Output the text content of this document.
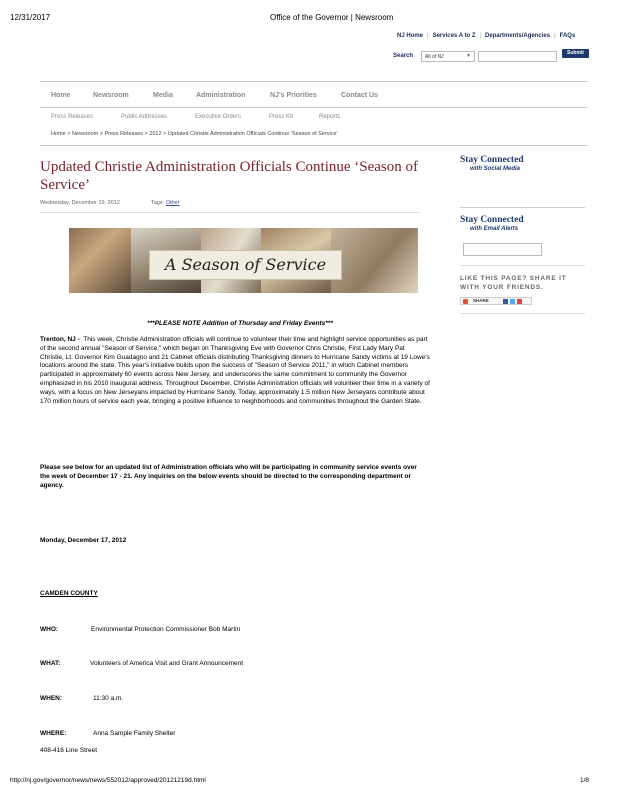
12/31/2017	Office of the Governor | Newsroom
NJ Home | Services A to Z | Departments/Agencies | FAQs
Search	All of NJ	▼	Submit
Home	Newsroom	Media	Administration	NJ's Priorities	Contact Us
Press Releases	Public Addresses	Executive Orders	Press Kit	Reports
Home > Newsroom > Press Releases > 2012 > Updated Christie Administration Officials Continue 'Season of Service'
Updated Christie Administration Officials Continue ‘Season of Service’
Wednesday, December 19, 2012	Tags: Other
A Season of Service
***PLEASE NOTE Addition of Thursday and Friday Events***
Trenton, NJ - This week, Christie Administration officials will continue to volunteer their time and highlight service opportunities as part of the second annual "Season of Service," which began on Thanksgiving Eve with Governor Chris Christie, First Lady Mary Pat Christie, Lt. Governor Kim Guadagno and 21 Cabinet officials distributing Thanksgiving dinners to Hurricane Sandy victims at 19 Lowe's locations around the state. This year's initiative builds upon the success of "Season of Service 2011," in which Cabinet members participated in approximately 60 events across New Jersey, and underscores the same commitment to community the Governor emphasized in his 2010 inaugural address. Throughout December, Christie Administration officials will volunteer their time in a variety of ways, with a focus on New Jerseyans impacted by Hurricane Sandy. Today, approximately 1.5 million New Jerseyans contribute about 170 million hours of service each year, bringing a positive influence to neighborhoods and communities throughout the Garden State.
Please see below for an updated list of Administration officials who will be participating in community service events over the week of December 17 - 21. Any inquiries on the below events should be directed to the corresponding department or agency.
Monday, December 17, 2012
CAMDEN COUNTY
WHO:	Environmental Protection Commissioner Bob Martin
WHAT:	Volunteers of America Visit and Grant Announcement
WHEN:	11:30 a.m.
WHERE:	Anna Sample Family Shelter
408-416 Line Street
Stay Connected
with Social Media
Stay Connected
with Email Alerts
LIKE THIS PAGE? SHARE IT WITH YOUR FRIENDS.
SHARE
http://nj.gov/governor/news/news/552012/approved/20121219d.html	1/8
